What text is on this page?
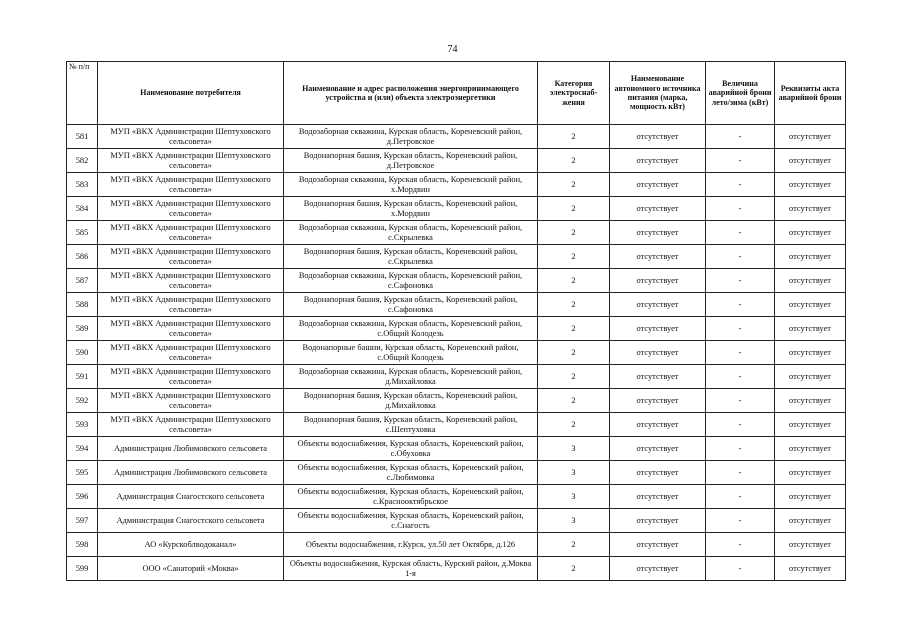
74
№ п/п	Наименование потребителя	Наименование и адрес расположения энергопринимающего устройства и (или) объекта электроэнергетики	Категория электроснаб-жения	Наименование автономного источника питания (марка, мощность кВт)	Величина аварийной брони лето/зима (кВт)	Реквизиты акта аварийной брони
581	МУП «ВКХ Администрации Шептуховского сельсовета»	Водозаборная скважина, Курская область, Кореневский район, д.Петровское	2	отсутствует	-	отсутствует
582	МУП «ВКХ Администрации Шептуховского сельсовета»	Водонапорная башня, Курская область, Кореневский район, д.Петровское	2	отсутствует	-	отсутствует
583	МУП «ВКХ Администрации Шептуховского сельсовета»	Водозаборная скважина, Курская область, Кореневский район, х.Мордвин	2	отсутствует	-	отсутствует
584	МУП «ВКХ Администрации Шептуховского сельсовета»	Водонапорная башня, Курская область, Кореневский район, х.Мордвин	2	отсутствует	-	отсутствует
585	МУП «ВКХ Администрации Шептуховского сельсовета»	Водозаборная скважина, Курская область, Кореневский район, с.Скрылевка	2	отсутствует	-	отсутствует
586	МУП «ВКХ Администрации Шептуховского сельсовета»	Водонапорная башня, Курская область, Кореневский район, с.Скрылевка	2	отсутствует	-	отсутствует
587	МУП «ВКХ Администрации Шептуховского сельсовета»	Водозаборная скважина, Курская область, Кореневский район, с.Сафоновка	2	отсутствует	-	отсутствует
588	МУП «ВКХ Администрации Шептуховского сельсовета»	Водонапорная башня, Курская область, Кореневский район, с.Сафоновка	2	отсутствует	-	отсутствует
589	МУП «ВКХ Администрации Шептуховского сельсовета»	Водозаборная скважина, Курская область, Кореневский район, с.Общий Колодезь	2	отсутствует	-	отсутствует
590	МУП «ВКХ Администрации Шептуховского сельсовета»	Водонапорные башни, Курская область, Кореневский район, с.Общий Колодезь	2	отсутствует	-	отсутствует
591	МУП «ВКХ Администрации Шептуховского сельсовета»	Водозаборная скважина, Курская область, Кореневский район, д.Михайловка	2	отсутствует	-	отсутствует
592	МУП «ВКХ Администрации Шептуховского сельсовета»	Водонапорная башня, Курская область, Кореневский район, д.Михайловка	2	отсутствует	-	отсутствует
593	МУП «ВКХ Администрации Шептуховского сельсовета»	Водонапорная башня, Курская область, Кореневский район, с.Шептуховка	2	отсутствует	-	отсутствует
594	Администрация Любимовского сельсовета	Объекты водоснабжения, Курская область, Кореневский район, с.Обуховка	3	отсутствует	-	отсутствует
595	Администрация Любимовского сельсовета	Объекты водоснабжения, Курская область, Кореневский район, с.Любимовка	3	отсутствует	-	отсутствует
596	Администрация Снагостского сельсовета	Объекты водоснабжения, Курская область, Кореневский район, с.Краснооктябрьское	3	отсутствует	-	отсутствует
597	Администрация Снагостского сельсовета	Объекты водоснабжения, Курская область, Кореневский район, с.Снагость	3	отсутствует	-	отсутствует
598	АО «Курскоблводоканал»	Объекты водоснабжения, г.Курск, ул.50 лет Октября, д.126	2	отсутствует	-	отсутствует
599	ООО «Санаторий «Моква»	Объекты водоснабжения, Курская область, Курский район, д.Моква 1-я	2	отсутствует	-	отсутствует
